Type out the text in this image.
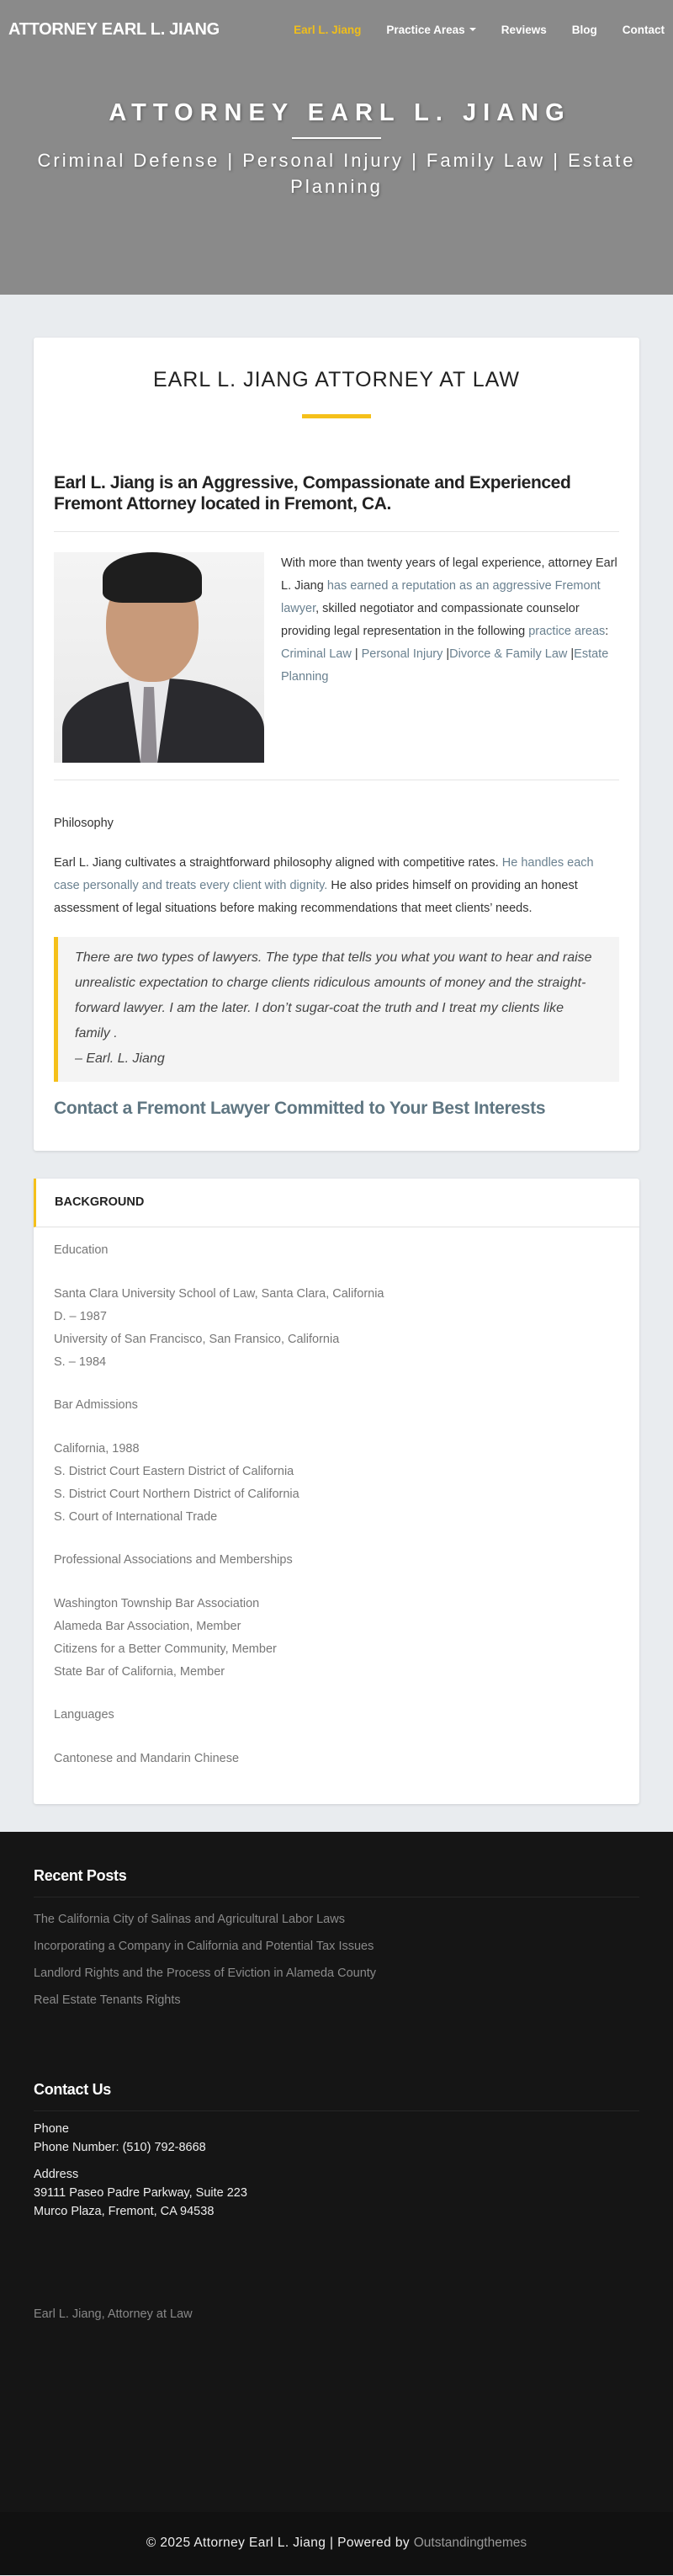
ATTORNEY EARL L. JIANG	Earl L. Jiang Practice Areas	Reviews Blog Contact
ATTORNEY EARL L. JIANG

Criminal Defense | Personal Injury | Family Law | Estate Planning

EARL L. JIANG ATTORNEY AT LAW
Earl L. Jiang is an Aggressive, Compassionate and Experienced Fremont Attorney located in Fremont, CA.

With more than twenty years of legal experience, attorney Earl L. Jiang has earned a reputation as an aggressive Fremont lawyer, skilled negotiator and compassionate counselor providing legal representation in the following practice areas:
Criminal Law | Personal Injury |Divorce & Family Law |Estate Planning

Philosophy

Earl L. Jiang cultivates a straightforward philosophy aligned with competitive rates. He handles each case personally and treats every client with dignity. He also prides himself on providing an honest assessment of legal situations before making recommendations that meet clients’ needs.

There are two types of lawyers. The type that tells you what you want to hear and raise unrealistic expectation to charge clients ridiculous amounts of money and the straight-forward lawyer. I am the later. I don’t sugar-coat the truth and I treat my clients like family .
– Earl. L. Jiang
Contact a Fremont Lawyer Committed to Your Best Interests
BACKGROUND
Education
Santa Clara University School of Law, Santa Clara, California
D. – 1987
University of San Francisco, San Fransico, California
S. – 1984
Bar Admissions
California, 1988
S. District Court Eastern District of California
S. District Court Northern District of California
S. Court of International Trade
Professional Associations and Memberships
Washington Township Bar Association
Alameda Bar Association, Member
Citizens for a Better Community, Member
State Bar of California, Member
Languages
Cantonese and Mandarin Chinese
Recent Posts
The California City of Salinas and Agricultural Labor Laws
Incorporating a Company in California and Potential Tax Issues
Landlord Rights and the Process of Eviction in Alameda County
Real Estate Tenants Rights
Contact Us
Phone
Phone Number: (510) 792-8668
Address
39111 Paseo Padre Parkway, Suite 223
Murco Plaza, Fremont, CA 94538

Earl L. Jiang, Attorney at Law

© 2025 Attorney Earl L. Jiang | Powered by Outstandingthemes
